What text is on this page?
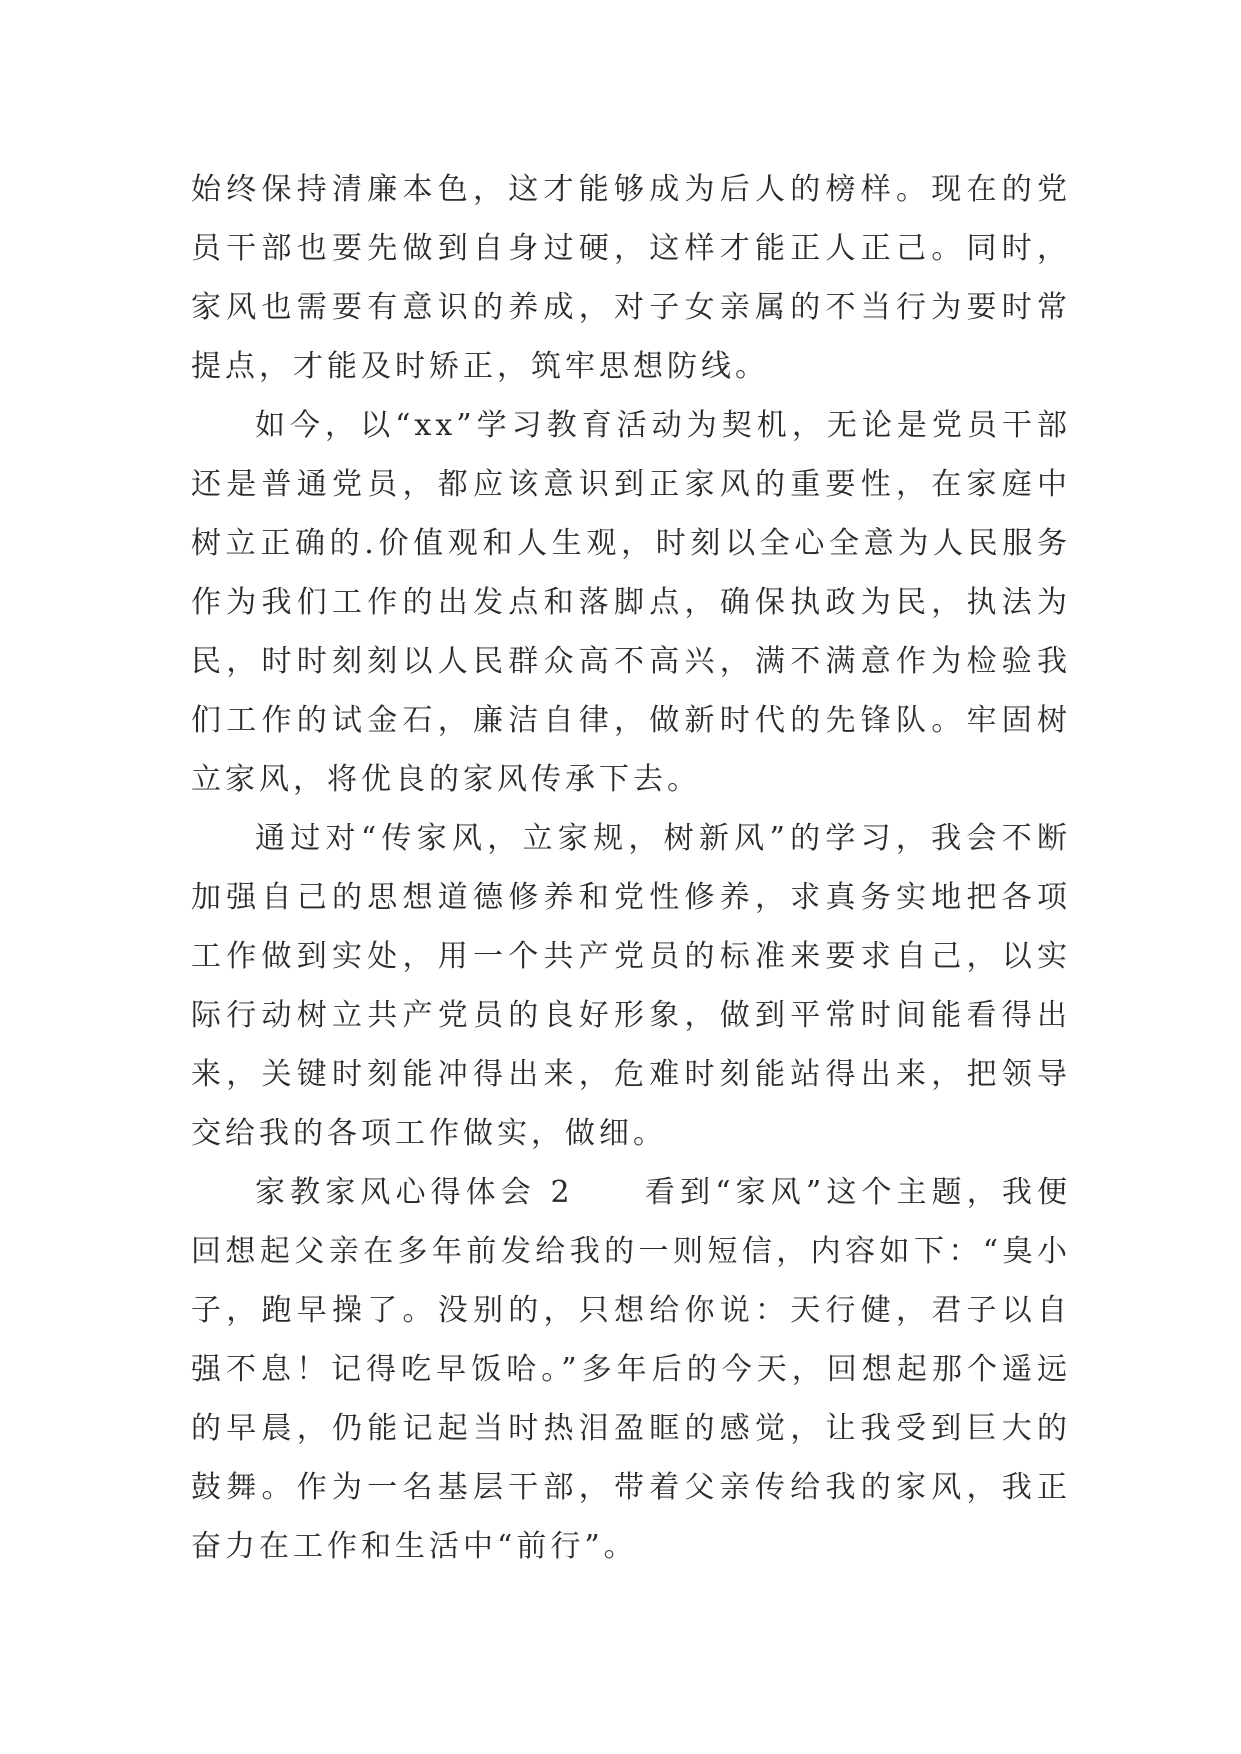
始终保持清廉本色，这才能够成为后人的榜样。现在的党员干部也要先做到自身过硬，这样才能正人正己。同时，家风也需要有意识的养成，对子女亲属的不当行为要时常提点，才能及时矫正，筑牢思想防线。

如今，以“xx”学习教育活动为契机，无论是党员干部还是普通党员，都应该意识到正家风的重要性，在家庭中树立正确的.价值观和人生观，时刻以全心全意为人民服务作为我们工作的出发点和落脚点，确保执政为民，执法为民，时时刻刻以人民群众高不高兴，满不满意作为检验我们工作的试金石，廉洁自律，做新时代的先锋队。牢固树立家风，将优良的家风传承下去。

通过对“传家风，立家规，树新风”的学习，我会不断加强自己的思想道德修养和党性修养，求真务实地把各项工作做到实处，用一个共产党员的标准来要求自己，以实际行动树立共产党员的良好形象，做到平常时间能看得出来，关键时刻能冲得出来，危难时刻能站得出来，把领导交给我的各项工作做实，做细。

家教家风心得体会 2　　看到“家风”这个主题，我便回想起父亲在多年前发给我的一则短信，内容如下：“臭小子，跑早操了。没别的，只想给你说：天行健，君子以自强不息！记得吃早饭哈。”多年后的今天，回想起那个遥远的早晨，仍能记起当时热泪盈眶的感觉，让我受到巨大的鼓舞。作为一名基层干部，带着父亲传给我的家风，我正奋力在工作和生活中“前行”。
